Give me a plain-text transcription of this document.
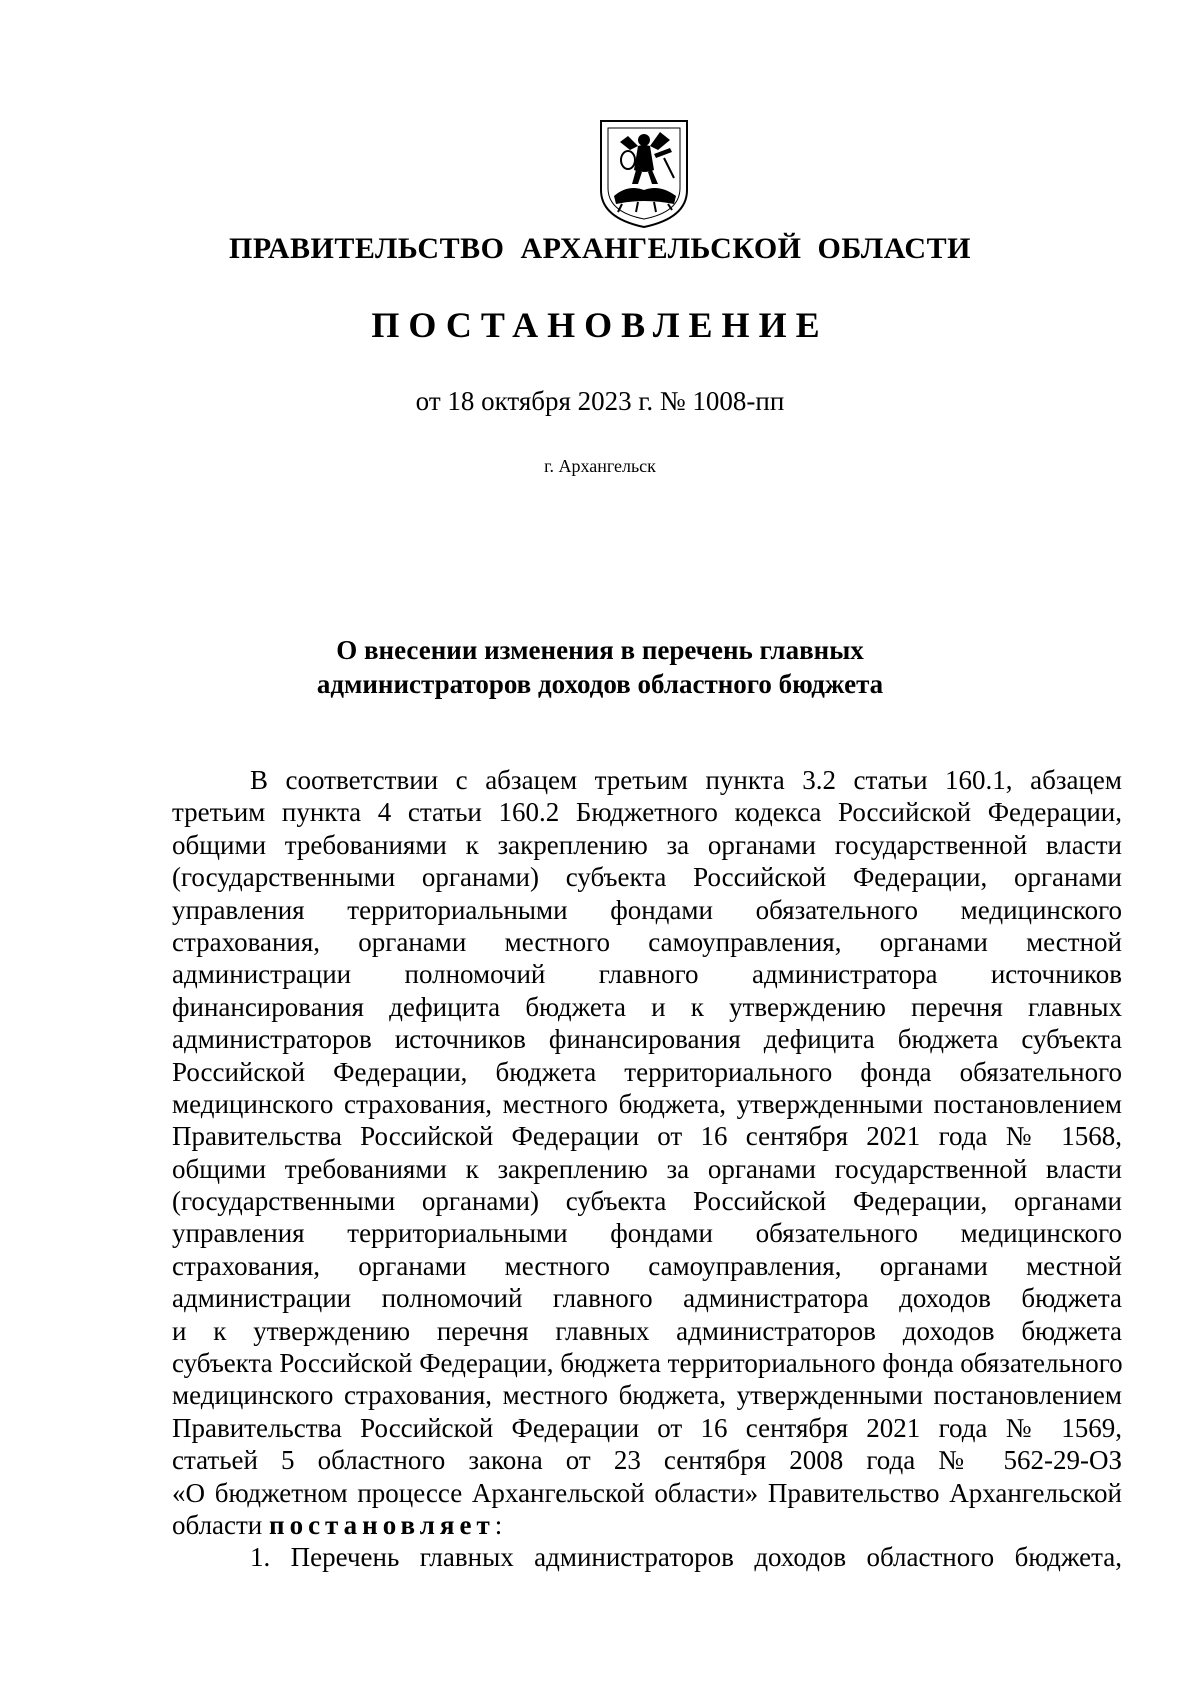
ПРАВИТЕЛЬСТВО АРХАНГЕЛЬСКОЙ ОБЛАСТИ
ПОСТАНОВЛЕНИЕ
от 18 октября 2023 г. № 1008-пп
г. Архангельск
О внесении изменения в перечень главных
администраторов доходов областного бюджета
В соответствии с абзацем третьим пункта 3.2 статьи 160.1, абзацем
третьим пункта 4 статьи 160.2 Бюджетного кодекса Российской Федерации,
общими требованиями к закреплению за органами государственной власти
(государственными органами) субъекта Российской Федерации, органами
управления территориальными фондами обязательного медицинского
страхования, органами местного самоуправления, органами местной
администрации полномочий главного администратора источников
финансирования дефицита бюджета и к утверждению перечня главных
администраторов источников финансирования дефицита бюджета субъекта
Российской Федерации, бюджета территориального фонда обязательного
медицинского страхования, местного бюджета, утвержденными постановлением
Правительства Российской Федерации от 16 сентября 2021 года № 1568,
общими требованиями к закреплению за органами государственной власти
(государственными органами) субъекта Российской Федерации, органами
управления территориальными фондами обязательного медицинского
страхования, органами местного самоуправления, органами местной
администрации полномочий главного администратора доходов бюджета
и к утверждению перечня главных администраторов доходов бюджета
субъекта Российской Федерации, бюджета территориального фонда обязательного
медицинского страхования, местного бюджета, утвержденными постановлением
Правительства Российской Федерации от 16 сентября 2021 года № 1569,
статьей 5 областного закона от 23 сентября 2008 года № 562-29-ОЗ
«О бюджетном процессе Архангельской области» Правительство Архангельской
области постановляет:
1. Перечень главных администраторов доходов областного бюджета,
